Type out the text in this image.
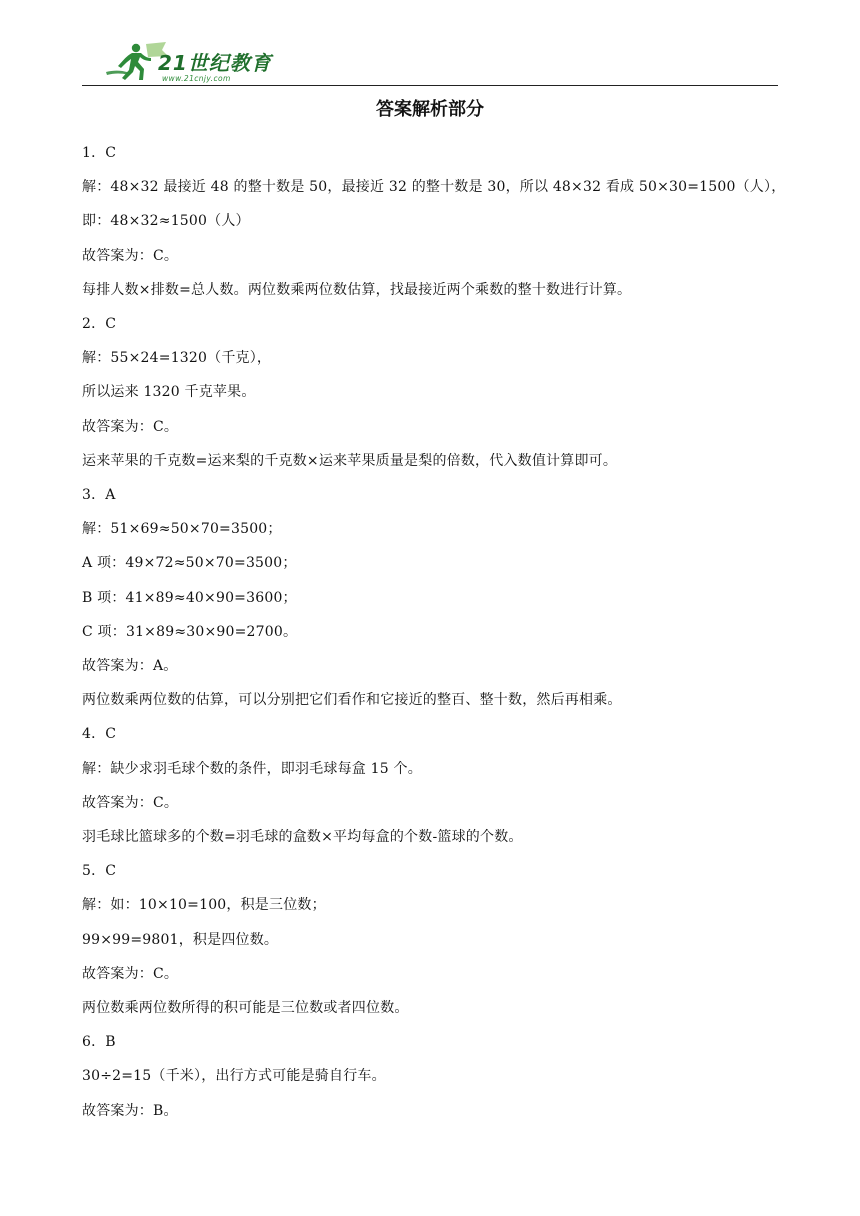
21世纪教育
www.21cnjy.com
答案解析部分
1．C
解：48×32 最接近 48 的整十数是 50，最接近 32 的整十数是 30，所以 48×32 看成 50×30=1500（人），
即：48×32≈1500（人）
故答案为：C。
每排人数×排数=总人数。两位数乘两位数估算，找最接近两个乘数的整十数进行计算。
2．C
解：55×24=1320（千克），
所以运来 1320 千克苹果。
故答案为：C。
运来苹果的千克数=运来梨的千克数×运来苹果质量是梨的倍数，代入数值计算即可。
3．A
解：51×69≈50×70=3500；
A 项：49×72≈50×70=3500；
B 项：41×89≈40×90=3600；
C 项：31×89≈30×90=2700。
故答案为：A。
两位数乘两位数的估算，可以分别把它们看作和它接近的整百、整十数，然后再相乘。
4．C
解：缺少求羽毛球个数的条件，即羽毛球每盒 15 个。
故答案为：C。
羽毛球比篮球多的个数=羽毛球的盒数×平均每盒的个数-篮球的个数。
5．C
解：如：10×10=100，积是三位数；
99×99=9801，积是四位数。
故答案为：C。
两位数乘两位数所得的积可能是三位数或者四位数。
6．B
30÷2=15（千米），出行方式可能是骑自行车。
故答案为：B。
